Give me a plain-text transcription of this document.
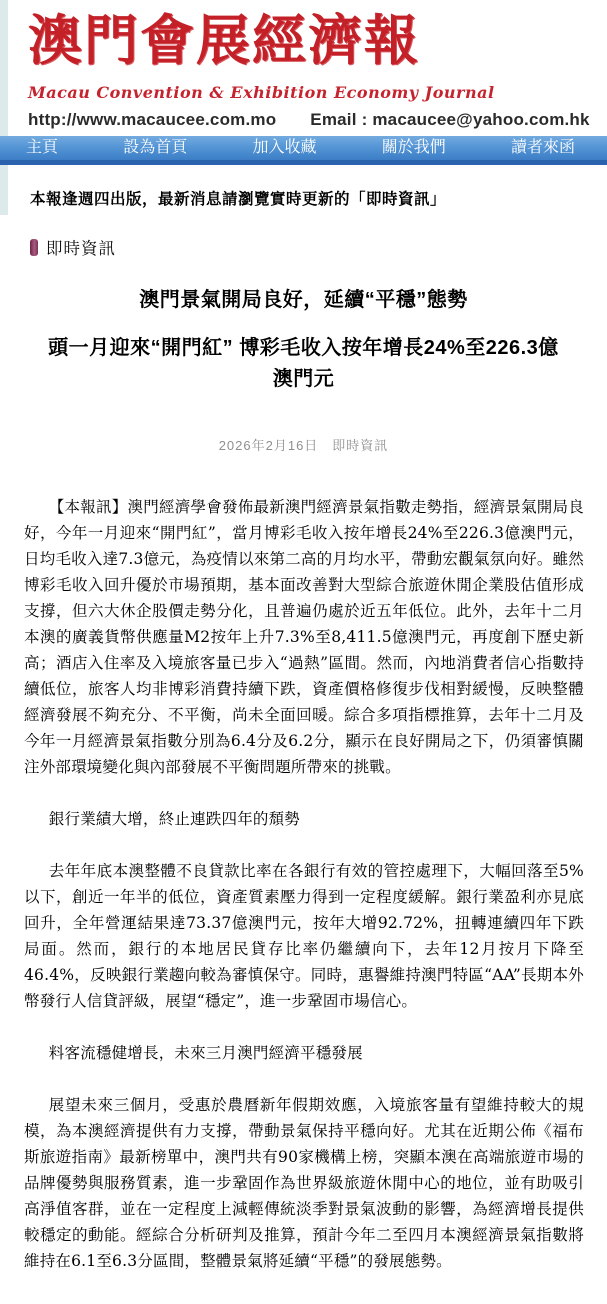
澳門會展經濟報
Macau Convention & Exhibition Economy Journal
http://www.macaucee.com.mo Email : macaucee@yahoo.com.hk
主頁	設為首頁	加入收藏	關於我們	讀者來函
本報逢週四出版，最新消息請瀏覽實時更新的「即時資訊」
即時資訊
澳門景氣開局良好，延續“平穩”態勢
頭一月迎來“開門紅” 博彩毛收入按年增長24%至226.3億澳門元
2026年2月16日　即時資訊

【本報訊】澳門經濟學會發佈最新澳門經濟景氣指數走勢指，經濟景氣開局良好，今年一月迎來“開門紅”，當月博彩毛收入按年增長24%至226.3億澳門元，日均毛收入達7.3億元，為疫情以來第二高的月均水平，帶動宏觀氣氛向好。雖然博彩毛收入回升優於市場預期，基本面改善對大型綜合旅遊休閒企業股估值形成支撐，但六大休企股價走勢分化，且普遍仍處於近五年低位。此外，去年十二月本澳的廣義貨幣供應量M2按年上升7.3%至8,411.5億澳門元，再度創下歷史新高；酒店入住率及入境旅客量已步入“過熱”區間。然而，內地消費者信心指數持續低位，旅客人均非博彩消費持續下跌，資產價格修復步伐相對緩慢，反映整體經濟發展不夠充分、不平衡，尚未全面回暖。綜合多項指標推算，去年十二月及今年一月經濟景氣指數分別為6.4分及6.2分，顯示在良好開局之下，仍須審慎關注外部環境變化與內部發展不平衡問題所帶來的挑戰。

銀行業績大增，終止連跌四年的頹勢

去年年底本澳整體不良貸款比率在各銀行有效的管控處理下，大幅回落至5%以下，創近一年半的低位，資產質素壓力得到一定程度緩解。銀行業盈利亦見底回升，全年營運結果達73.37億澳門元，按年大增92.72%，扭轉連續四年下跌局面。然而，銀行的本地居民貸存比率仍繼續向下，去年12月按月下降至46.4%，反映銀行業趨向較為審慎保守。同時，惠譽維持澳門特區“AA”長期本外幣發行人信貸評級，展望“穩定”，進一步鞏固市場信心。

料客流穩健增長，未來三月澳門經濟平穩發展

展望未來三個月，受惠於農曆新年假期效應，入境旅客量有望維持較大的規模，為本澳經濟提供有力支撐，帶動景氣保持平穩向好。尤其在近期公佈《福布斯旅遊指南》最新榜單中，澳門共有90家機構上榜，突顯本澳在高端旅遊市場的品牌優勢與服務質素，進一步鞏固作為世界級旅遊休閒中心的地位，並有助吸引高淨值客群，並在一定程度上減輕傳統淡季對景氣波動的影響，為經濟增長提供較穩定的動能。經綜合分析研判及推算，預計今年二至四月本澳經濟景氣指數將維持在6.1至6.3分區間，整體景氣將延續“平穩”的發展態勢。
